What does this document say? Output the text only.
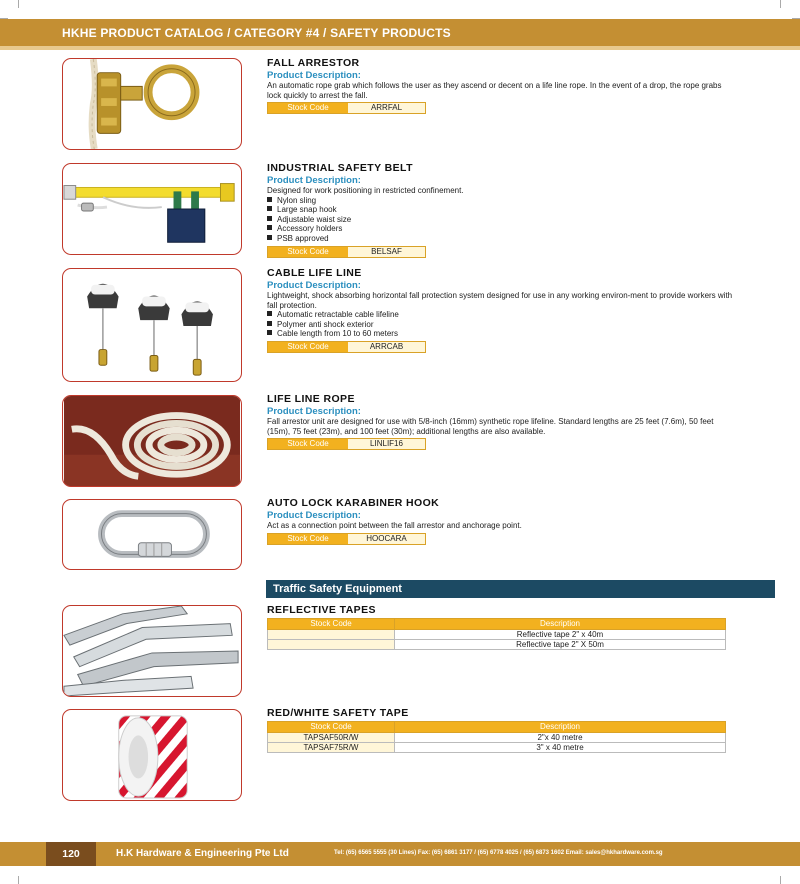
HKHE PRODUCT CATALOG / CATEGORY #4 / SAFETY PRODUCTS
FALL ARRESTOR
Product Description:

An automatic rope grab which follows the user as they ascend or decent on a life line rope. In the event of a drop, the rope grabs lock quickly to arrest the fall.

Stock Code	ARRFAL
INDUSTRIAL SAFETY BELT
Product Description:

Designed for work positioning in restricted confinement.

Nylon sling
Large snap hook
Adjustable waist size
Accessory holders
PSB approved
Stock Code	BELSAF
CABLE LIFE LINE
Product Description:

Lightweight, shock absorbing horizontal fall protection system designed for use in any working environ-ment to provide workers with fall protection.

Automatic retractable cable lifeline
Polymer anti shock exterior
Cable length from 10 to 60 meters
Stock Code	ARRCAB
LIFE LINE ROPE
Product Description:

Fall arrestor unit are designed for use with 5/8-inch (16mm) synthetic rope lifeline. Standard lengths are 25 feet (7.6m), 50 feet (15m), 75 feet (23m), and 100 feet (30m); additional lengths are also available.

Stock Code	LINLIF16
AUTO LOCK KARABINER HOOK
Product Description:

Act as a connection point between the fall arrestor and anchorage point.

Stock Code	HOOCARA
Traffic Safety Equipment
REFLECTIVE TAPES
Stock Code	Description
	Reflective tape 2" x 40m
	Reflective tape 2" X 50m
RED/WHITE SAFETY TAPE
Stock Code	Description
TAPSAF50R/W	2"x 40 metre
TAPSAF75R/W	3" x 40 metre
120	H.K Hardware & Engineering Pte Ltd	Tel: (65) 6565 5555 (30 Lines) Fax: (65) 6861 3177 / (65) 6778 4025 / (65) 6873 1602 Email: sales@hkhardware.com.sg
